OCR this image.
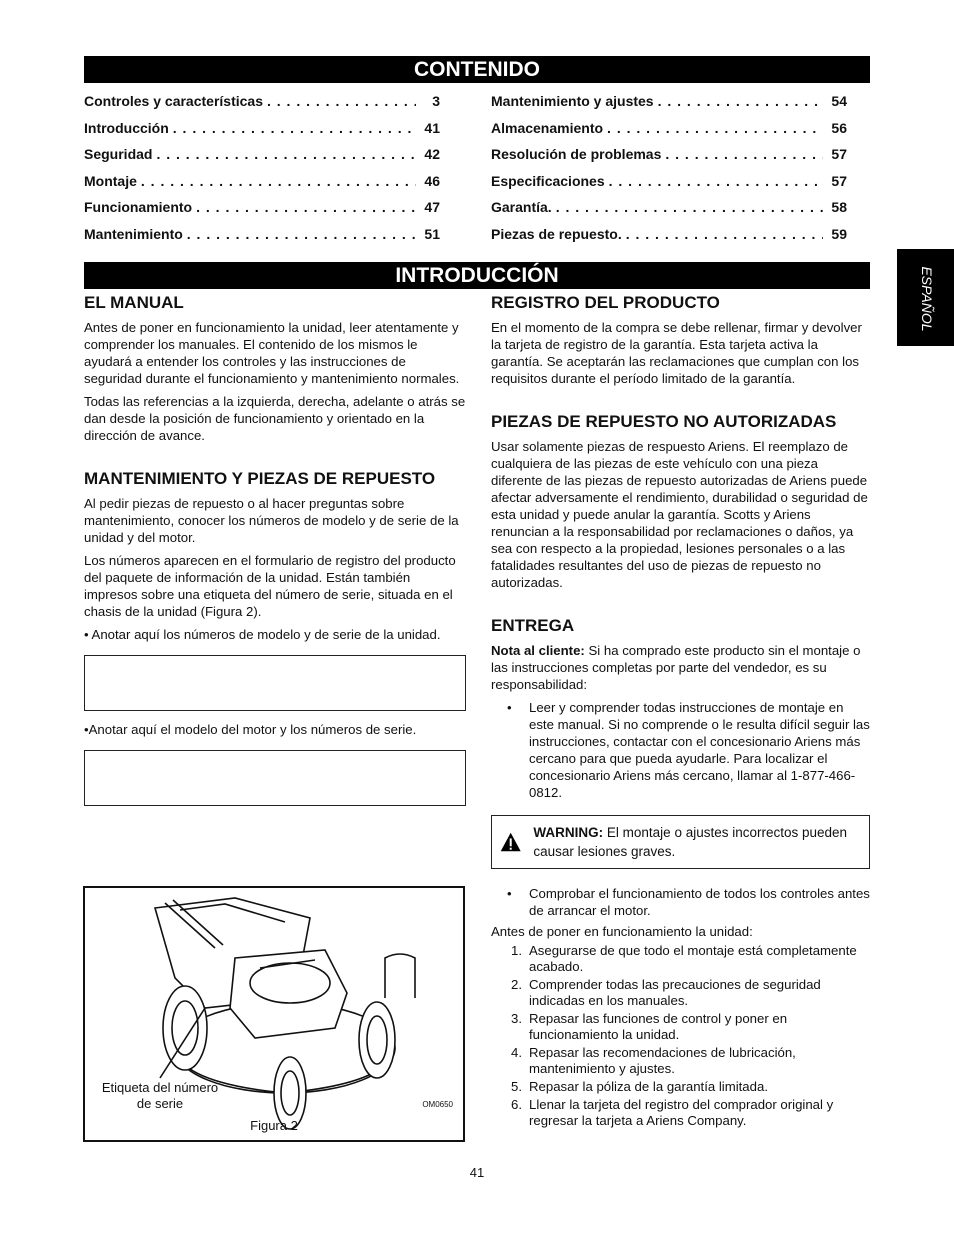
CONTENIDO
Controles y características . . .	3
Introducción . . .	41
Seguridad . . .	42
Montaje . . .	46
Funcionamiento . . .	47
Mantenimiento . . .	51
Mantenimiento y ajustes . . .	54
Almacenamiento . . .	56
Resolución de problemas . . .	57
Especificaciones . . .	57
Garantía. . . .	58
Piezas de repuesto. . . .	59
INTRODUCCIÓN	ESPAÑOL
EL MANUAL

Antes de poner en funcionamiento la unidad, leer atentamente y comprender los manuales. El contenido de los mismos le ayudará a entender los controles y las instrucciones de seguridad durante el funcionamiento y mantenimiento normales.

Todas las referencias a la izquierda, derecha, adelante o atrás se dan desde la posición de funcionamiento y orientado en la dirección de avance.

MANTENIMIENTO Y PIEZAS DE REPUESTO

Al pedir piezas de repuesto o al hacer preguntas sobre mantenimiento, conocer los números de modelo y de serie de la unidad y del motor.

Los números aparecen en el formulario de registro del producto del paquete de información de la unidad. Están también impresos sobre una etiqueta del número de serie, situada en el chasis de la unidad (Figura 2).

• Anotar aquí los números de modelo y de serie de la unidad.

•Anotar aquí el modelo del motor y los números de serie.

Etiqueta del número de serie	OM0650
Figura 2
REGISTRO DEL PRODUCTO

En el momento de la compra se debe rellenar, firmar y devolver la tarjeta de registro de la garantía. Esta tarjeta activa la garantía. Se aceptarán las reclamaciones que cumplan con los requisitos durante el período limitado de la garantía.

PIEZAS DE REPUESTO NO AUTORIZADAS

Usar solamente piezas de respuesto Ariens. El reemplazo de cualquiera de las piezas de este vehículo con una pieza diferente de las piezas de repuesto autorizadas de Ariens puede afectar adversamente el rendimiento, durabilidad o seguridad de esta unidad y puede anular la garantía. Scotts y Ariens renuncian a la responsabilidad por reclamaciones o daños, ya sea con respecto a la propiedad, lesiones personales o a las fatalidades resultantes del uso de piezas de repuesto no autorizadas.

ENTREGA

Nota al cliente: Si ha comprado este producto sin el montaje o las instrucciones completas por parte del vendedor, es su responsabilidad:

• Leer y comprender todas instrucciones de montaje en este manual. Si no comprende o le resulta difícil seguir las instrucciones, contactar con el concesionario Ariens más cercano para que pueda ayudarle. Para localizar el concesionario Ariens más cercano, llamar al 1-877-466-0812.
WARNING: El montaje o ajustes incorrectos pueden causar lesiones graves.
• Comprobar el funcionamiento de todos los controles antes de arrancar el motor.

Antes de poner en funcionamiento la unidad:

1. Asegurarse de que todo el montaje está completamente acabado.
2. Comprender todas las precauciones de seguridad indicadas en los manuales.
3. Repasar las funciones de control y poner en funcionamiento la unidad.
4. Repasar las recomendaciones de lubricación, mantenimiento y ajustes.
5. Repasar la póliza de la garantía limitada.
6. Llenar la tarjeta del registro del comprador original y regresar la tarjeta a Ariens Company.
41
